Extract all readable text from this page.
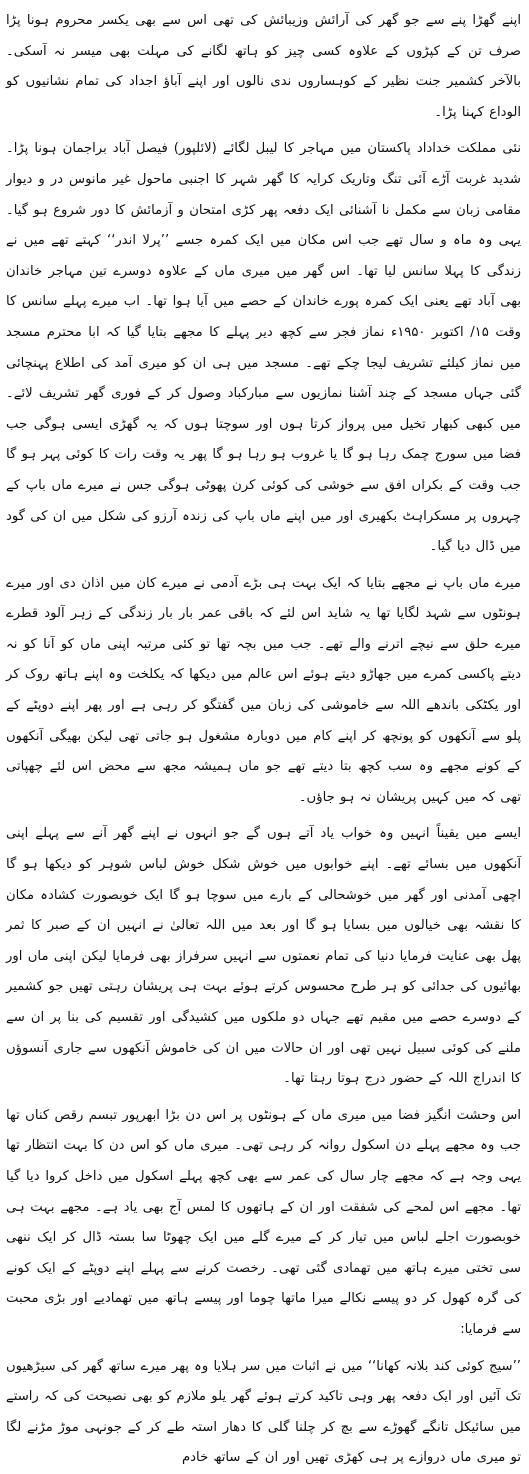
اپنے گھڑا پنے سے جو گھر کی آرائش وزیبائش کی تھی اس سے بھی یکسر محروم ہونا پڑا صرف تن کے کپڑوں کے علاوہ کسی چیز کو ہاتھ لگانے کی مہلت بھی میسر نہ آسکی۔ بالآخر کشمیر جنت نظیر کے کوہساروں ندی نالوں اور اپنے آباؤ اجداد کی تمام نشانیوں کو الوداع کہنا پڑا۔

نئی مملکت خداداد پاکستان میں مہاجر کا لیبل لگائے (لائلپور) فیصل آباد براجمان ہونا پڑا۔ شدید غربت آڑے آئی تنگ وتاریک کرایہ کا گھر شہر کا اجنبی ماحول غیر مانوس در و دیوار مقامی زبان سے مکمل نا آشنائی ایک دفعہ پھر کڑی امتحان و آزمائش کا دور شروع ہو گیا۔ یہی وہ ماہ و سال تھے جب اس مکان میں ایک کمرہ جسے ’’پرلا اندر‘‘ کہتے تھے میں نے زندگی کا پہلا سانس لیا تھا۔ اس گھر میں میری ماں کے علاوہ دوسرے تین مہاجر خاندان بھی آباد تھے یعنی ایک کمرہ پورے خاندان کے حصے میں آیا ہوا تھا۔ اب میرے پہلے سانس کا وقت ۱۵/ اکتوبر ۱۹۵۰ء نماز فجر سے کچھ دیر پہلے کا مجھے بتایا گیا کہ ابا محترم مسجد میں نماز کیلئے تشریف لیجا چکے تھے۔ مسجد میں ہی ان کو میری آمد کی اطلاع پہنچائی گئی جہاں مسجد کے چند آشنا نمازیوں سے مبارکباد وصول کر کے فوری گھر تشریف لائے۔ میں کبھی کبھار تخیل میں پرواز کرتا ہوں اور سوچتا ہوں کہ یہ گھڑی ایسی ہوگی جب فضا میں سورج چمک رہا ہو گا یا غروب ہو رہا ہو گا پھر یہ وقت رات کا کوئی پہر ہو گا جب وقت کے بکراں افق سے خوشی کی کوئی کرن پھوٹی ہوگی جس نے میرے ماں باپ کے چہروں پر مسکراہٹ بکھیری اور میں اپنے ماں باپ کی زندہ آرزو کی شکل میں ان کی گود میں ڈال دیا گیا۔

میرے ماں باپ نے مجھے بتایا کہ ایک بہت ہی بڑے آدمی نے میرے کان میں اذان دی اور میرے ہونٹوں سے شہد لگایا تھا یہ شاید اس لئے کہ باقی عمر بار بار زندگی کے زہر آلود قطرے میرے حلق سے نیچے اترنے والے تھے۔ جب میں بچہ تھا تو کئی مرتبہ اپنی ماں کو آنا کو نہ دیتے پاکسی کمرے میں جھاڑو دیتے ہوئے اس عالم میں دیکھا کہ یکلخت وہ اپنے ہاتھ روک کر اور یکٹکی باندھے اللہ سے خاموشی کی زبان میں گفتگو کر رہی ہے اور پھر اپنے دوپٹے کے پلو سے آنکھوں کو پونچھ کر اپنے کام میں دوبارہ مشغول ہو جاتی تھی لیکن بھیگی آنکھوں کے کونے مجھے وہ سب کچھ بتا دیتے تھے جو ماں ہمیشہ مجھ سے محض اس لئے چھپاتی تھی کہ میں کہیں پریشان نہ ہو جاؤں۔

ایسے میں یقیناً انہیں وہ خواب یاد آتے ہوں گے جو انہوں نے اپنے گھر آنے سے پہلے اپنی آنکھوں میں بسائے تھے۔ اپنے خوابوں میں خوش شکل خوش لباس شوہر کو دیکھا ہو گا اچھی آمدنی اور گھر میں خوشحالی کے بارے میں سوچا ہو گا ایک خوبصورت کشادہ مکان کا نقشہ بھی خیالوں میں بسایا ہو گا اور بعد میں اللہ تعالیٰ نے انہیں ان کے صبر کا ثمر پھل بھی عنایت فرمایا دنیا کی تمام نعمتوں سے انہیں سرفراز بھی فرمایا لیکن اپنی ماں اور بھائیوں کی جدائی کو ہر طرح محسوس کرتے ہوئے بہت ہی پریشان رہتی تھیں جو کشمیر کے دوسرے حصے میں مقیم تھے جہاں دو ملکوں میں کشیدگی اور تقسیم کی بنا پر ان سے ملنے کی کوئی سبیل نہیں تھی اور ان حالات میں ان کی خاموش آنکھوں سے جاری آنسوؤں کا اندراج اللہ کے حضور درج ہوتا رہتا تھا۔

اس وحشت انگیز فضا میں میری ماں کے ہونٹوں پر اس دن بڑا ابھرپور تبسم رقص کناں تھا جب وہ مجھے پہلے دن اسکول روانہ کر رہی تھی۔ میری ماں کو اس دن کا بہت انتظار تھا یہی وجہ ہے کہ مجھے چار سال کی عمر سے بھی کچھ پہلے اسکول میں داخل کروا دیا گیا تھا۔ مجھے اس لمحے کی شفقت اور ان کے ہاتھوں کا لمس آج بھی یاد ہے۔ مجھے بہت ہی خوبصورت اجلے لباس میں تیار کر کے میرے گلے میں ایک چھوٹا سا بستہ ڈال کر ایک ننھی سی تختی میرے ہاتھ میں تھمادی گئی تھی۔ رخصت کرنے سے پہلے اپنے دوپٹے کے ایک کونے کی گرہ کھول کر دو پیسے نکالے میرا ماتھا چوما اور پیسے ہاتھ میں تھمادیے اور بڑی محبت سے فرمایا:

’’سیج کوئی کند بلانہ کھانا‘‘ میں نے اثبات میں سر ہلایا وہ پھر میرے ساتھ گھر کی سیڑھیوں تک آئیں اور ایک دفعہ پھر وہی تاکید کرتے ہوئے گھر یلو ملازم کو بھی نصیحت کی کہ راستے میں سائیکل تانگے گھوڑے سے بچ کر چلنا گلی کا دھار استہ طے کر کے جونہی موڑ مڑنے لگا تو میری ماں دروازے پر ہی کھڑی تھیں اور ان کے ساتھ خادم
